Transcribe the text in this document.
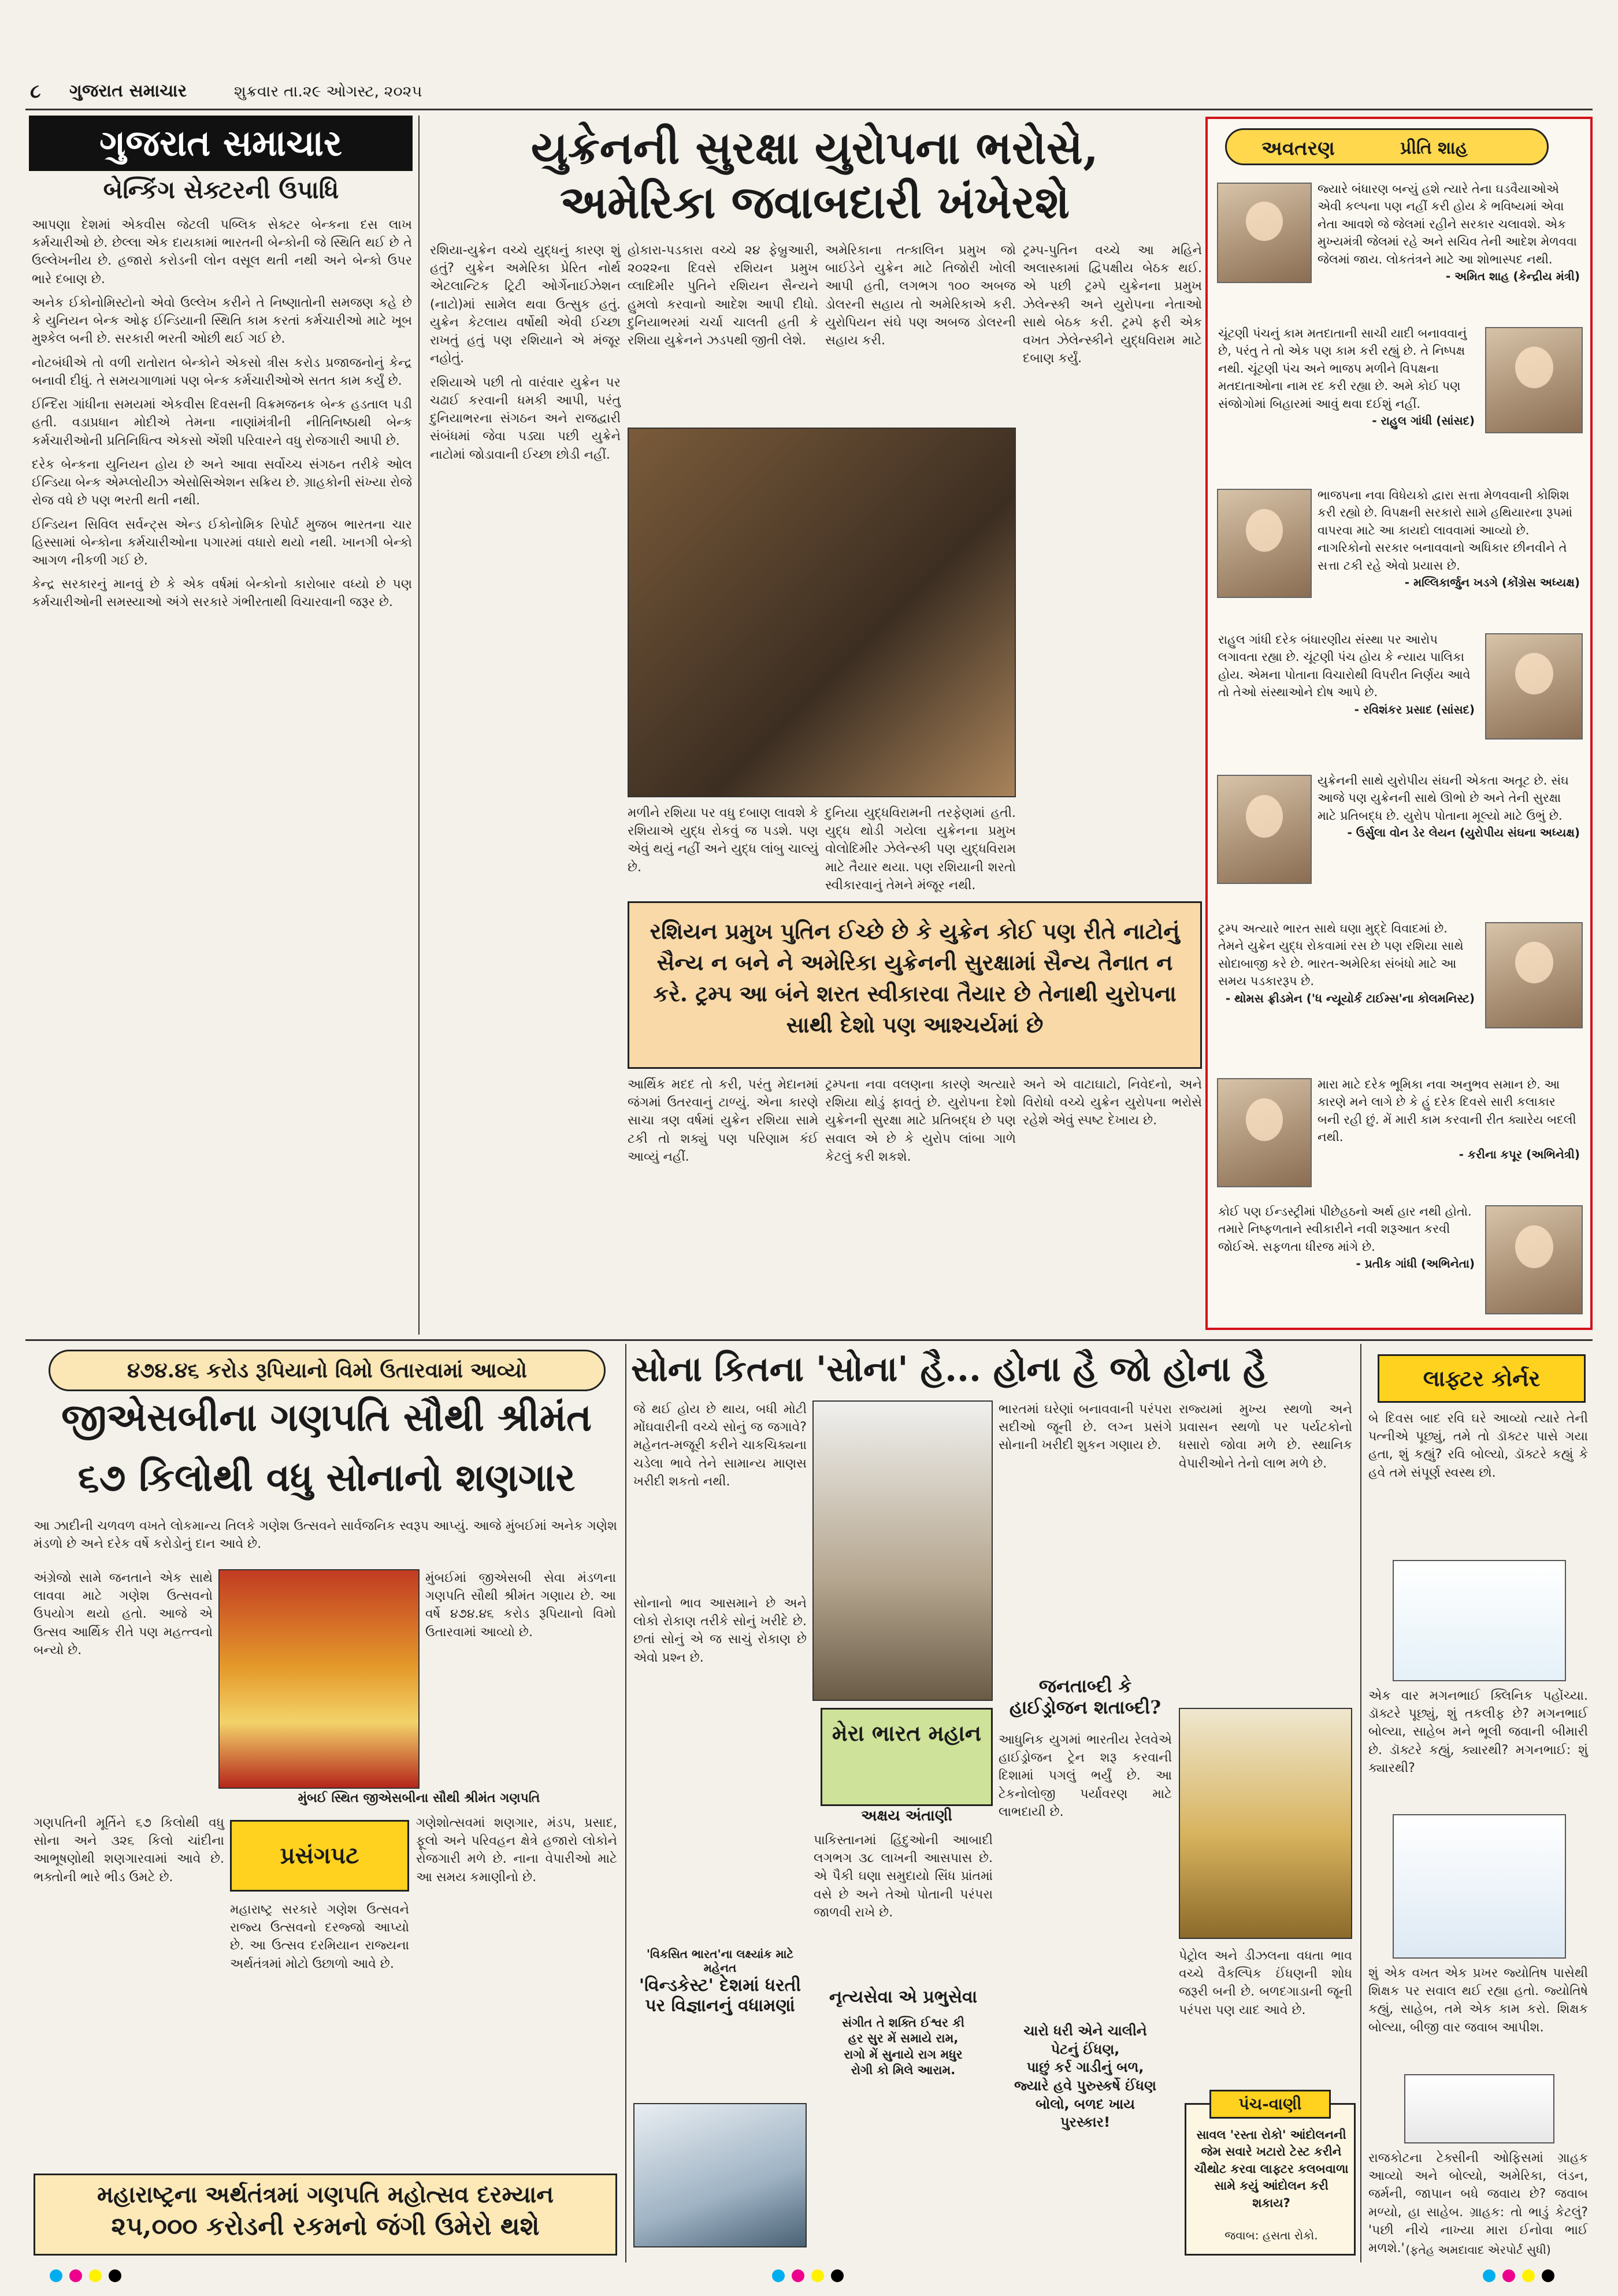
૮ ગુજરાત સમાચાર	શુક્રવાર તા.૨૯ ઓગસ્ટ, ૨૦૨૫
ગુજરાત સમાચાર
બેન્કિંગ સેક્ટરની ઉપાધિ

આપણા દેશમાં એકવીસ જેટલી પબ્લિક સેક્ટર બેન્કના દસ લાખ કર્મચારીઓ છે. છેલ્લા એક દાયકામાં ભારતની બેન્કોની જે સ્થિતિ થઈ છે તે ઉલ્લેખનીય છે. હજારો કરોડની લોન વસૂલ થતી નથી અને બેન્કો ઉપર ભારે દબાણ છે.

અનેક ઈકોનોમિસ્ટોનો એવો ઉલ્લેખ કરીને તે નિષ્ણાતોની સમજણ કહે છે કે યુનિયન બેન્ક ઓફ ઈન્ડિયાની સ્થિતિ કામ કરતાં કર્મચારીઓ માટે ખૂબ મુશ્કેલ બની છે. સરકારી ભરતી ઓછી થઈ ગઈ છે.

નોટબંધીએ તો વળી રાતોરાત બેન્કોને એકસો ત્રીસ કરોડ પ્રજાજનોનું કેન્દ્ર બનાવી દીધું. તે સમયગાળામાં પણ બેન્ક કર્મચારીઓએ સતત કામ કર્યું છે.

ઈન્દિરા ગાંધીના સમયમાં એકવીસ દિવસની વિક્રમજનક બેન્ક હડતાલ પડી હતી. વડાપ્રધાન મોદીએ તેમના નાણાંમંત્રીની નીતિનિષ્ઠાથી બેન્ક કર્મચારીઓની પ્રતિનિધિત્વ એકસો એંશી પરિવારને વધુ રોજગારી આપી છે.

દરેક બેન્કના યુનિયન હોય છે અને આવા સર્વોચ્ચ સંગઠન તરીકે ઓલ ઈન્ડિયા બેન્ક એમ્પ્લોયીઝ એસોસિએશન સક્રિય છે. ગ્રાહકોની સંખ્યા રોજે રોજ વધે છે પણ ભરતી થતી નથી.

ઈન્ડિયન સિવિલ સર્વન્ટ્સ એન્ડ ઈકોનોમિક રિપોર્ટ મુજબ ભારતના ચાર હિસ્સામાં બેન્કોના કર્મચારીઓના પગારમાં વધારો થયો નથી. ખાનગી બેન્કો આગળ નીકળી ગઈ છે.

કેન્દ્ર સરકારનું માનવું છે કે એક વર્ષમાં બેન્કોનો કારોબાર વધ્યો છે પણ કર્મચારીઓની સમસ્યાઓ અંગે સરકારે ગંભીરતાથી વિચારવાની જરૂર છે.

યુક્રેનની સુરક્ષા યુરોપના ભરોસે,
અમેરિકા જવાબદારી ખંખેરશે

રશિયા-યુક્રેન વચ્ચે યુદ્ધનું કારણ શું હતું? યુક્રેન અમેરિકા પ્રેરિત નોર્થ એટલાન્ટિક ટ્રિટી ઓર્ગેનાઈઝેશન (નાટો)માં સામેલ થવા ઉત્સુક હતું. યુક્રેન કેટલાય વર્ષોથી એવી ઈચ્છા રાખતું હતું પણ રશિયાને એ મંજૂર નહોતું.

રશિયાએ પછી તો વારંવાર યુક્રેન પર ચઢાઈ કરવાની ધમકી આપી, પરંતુ દુનિયાભરના સંગઠન અને રાજદ્વારી સંબંધમાં જેવા પડ્યા પછી યુક્રેને નાટોમાં જોડાવાની ઈચ્છા છોડી નહીં.

હોકારા-પડકારા વચ્ચે ૨૪ ફેબ્રુઆરી, ૨૦૨૨ના દિવસે રશિયન પ્રમુખ વ્લાદિમીર પુતિને રશિયન સૈન્યને હુમલો કરવાનો આદેશ આપી દીધો. દુનિયાભરમાં ચર્ચા ચાલતી હતી કે રશિયા યુક્રેનને ઝડપથી જીતી લેશે.

અમેરિકાના તત્કાલિન પ્રમુખ જો બાઈડેને યુક્રેન માટે તિજોરી ખોલી આપી હતી, લગભગ ૧૦૦ અબજ ડોલરની સહાય તો અમેરિકાએ કરી. યુરોપિયન સંઘે પણ અબજ ડોલરની સહાય કરી.

ટ્રમ્પ-પુતિન વચ્ચે આ મહિને અલાસ્કામાં દ્વિપક્ષીય બેઠક થઈ. એ પછી ટ્રમ્પે યુક્રેનના પ્રમુખ ઝેલેન્સ્કી અને યુરોપના નેતાઓ સાથે બેઠક કરી. ટ્રમ્પે ફરી એક વખત ઝેલેન્સ્કીને યુદ્ધવિરામ માટે દબાણ કર્યું.

મળીને રશિયા પર વધુ દબાણ લાવશે કે રશિયાએ યુદ્ધ રોકવું જ પડશે. પણ એવું થયું નહીં અને યુદ્ધ લાંબુ ચાલ્યું છે.

દુનિયા યુદ્ધવિરામની તરફેણમાં હતી. યુદ્ધ થોડી ગયેલા યુક્રેનના પ્રમુખ વોલોદિમીર ઝેલેન્સ્કી પણ યુદ્ધવિરામ માટે તૈયાર થયા. પણ રશિયાની શરતો સ્વીકારવાનું તેમને મંજૂર નથી.

રશિયન પ્રમુખ પુતિન ઈચ્છે છે કે યુક્રેન કોઈ પણ રીતે નાટોનું સૈન્ય ન બને ને અમેરિકા યુક્રેનની સુરક્ષામાં સૈન્ય તૈનાત ન કરે. ટ્રમ્પ આ બંને શરત સ્વીકારવા તૈયાર છે તેનાથી યુરોપના સાથી દેશો પણ આશ્ચર્યમાં છે

આર્થિક મદદ તો કરી, પરંતુ મેદાનમાં જંગમાં ઉતરવાનું ટાળ્યું. એના કારણે સાચા ત્રણ વર્ષમાં યુક્રેન રશિયા સામે ટકી તો શક્યું પણ પરિણામ કંઈ આવ્યું નહીં.

ટ્રમ્પના નવા વલણના કારણે અત્યારે રશિયા થોડું ફાવતું છે. યુરોપના દેશો યુક્રેનની સુરક્ષા માટે પ્રતિબદ્ધ છે પણ સવાલ એ છે કે યુરોપ લાંબા ગાળે કેટલું કરી શકશે.

અને એ વાટાઘાટો, નિવેદનો, અને વિરોધો વચ્ચે યુક્રેન યુરોપના ભરોસે રહેશે એવું સ્પષ્ટ દેખાય છે.

અવતરણ	પ્રીતિ શાહ
જ્યારે બંધારણ બન્યું હશે ત્યારે તેના ઘડવૈયાઓએ એવી કલ્પના પણ નહીં કરી હોય કે ભવિષ્યમાં એવા નેતા આવશે જે જેલમાં રહીને સરકાર ચલાવશે. એક મુખ્યમંત્રી જેલમાં રહે અને સચિવ તેની આદેશ મેળવવા જેલમાં જાય. લોકતંત્રને માટે આ શોભાસ્પદ નથી.
- અમિત શાહ (કેન્દ્રીય મંત્રી)
ચૂંટણી પંચનું કામ મતદાતાની સાચી યાદી બનાવવાનું છે, પરંતુ તે તો એક પણ કામ કરી રહ્યું છે. તે નિષ્પક્ષ નથી. ચૂંટણી પંચ અને ભાજપ મળીને વિપક્ષના મતદાતાઓના નામ રદ કરી રહ્યા છે. અમે કોઈ પણ સંજોગોમાં બિહારમાં આવું થવા દઈશું નહીં.
- રાહુલ ગાંધી (સાંસદ)
ભાજપના નવા વિધેયકો દ્વારા સત્તા મેળવવાની કોશિશ કરી રહ્યો છે. વિપક્ષની સરકારો સામે હથિયારના રૂપમાં વાપરવા માટે આ કાયદો લાવવામાં આવ્યો છે. નાગરિકોનો સરકાર બનાવવાનો અધિકાર છીનવીને તે સત્તા ટકી રહે એવો પ્રયાસ છે.
- મલ્લિકાર્જુન ખડગે (કોંગ્રેસ અધ્યક્ષ)
રાહુલ ગાંધી દરેક બંધારણીય સંસ્થા પર આરોપ લગાવતા રહ્યા છે. ચૂંટણી પંચ હોય કે ન્યાય પાલિકા હોય. એમના પોતાના વિચારોથી વિપરીત નિર્ણય આવે તો તેઓ સંસ્થાઓને દોષ આપે છે.
- રવિશંકર પ્રસાદ (સાંસદ)
યુક્રેનની સાથે યુરોપીય સંઘની એકતા અતૂટ છે. સંઘ આજે પણ યુક્રેનની સાથે ઊભો છે અને તેની સુરક્ષા માટે પ્રતિબદ્ધ છે. યુરોપ પોતાના મૂલ્યો માટે ઉભું છે.
- ઉર્સુલા વોન ડેર લેયન (યુરોપીય સંઘના અધ્યક્ષ)
ટ્રમ્પ અત્યારે ભારત સાથે ઘણા મુદ્દે વિવાદમાં છે. તેમને યુક્રેન યુદ્ધ રોકવામાં રસ છે પણ રશિયા સાથે સોદાબાજી કરે છે. ભારત-અમેરિકા સંબંધો માટે આ સમય પડકારરૂપ છે.
- થોમસ ફ્રીડમેન ('ધ ન્યૂયોર્ક ટાઈમ્સ'ના કોલમનિસ્ટ)
મારા માટે દરેક ભૂમિકા નવા અનુભવ સમાન છે. આ કારણે મને લાગે છે કે હું દરેક દિવસે સારી કલાકાર બની રહી છું. મેં મારી કામ કરવાની રીત ક્યારેય બદલી નથી.
- કરીના કપૂર (અભિનેત્રી)
કોઈ પણ ઈન્ડસ્ટ્રીમાં પીછેહઠનો અર્થ હાર નથી હોતો. તમારે નિષ્ફળતાને સ્વીકારીને નવી શરૂઆત કરવી જોઈએ. સફળતા ધીરજ માંગે છે.
- પ્રતીક ગાંધી (અભિનેતા)
૪૭૪.૪૬ કરોડ રૂપિયાનો વિમો ઉતારવામાં આવ્યો
જીએસબીના ગણપતિ સૌથી શ્રીમંત
૬૭ કિલોથી વધુ સોનાનો શણગાર

આ ઝાદીની ચળવળ વખતે લોકમાન્ય તિલકે ગણેશ ઉત્સવને સાર્વજનિક સ્વરૂપ આપ્યું. આજે મુંબઈમાં અનેક ગણેશ મંડળો છે અને દરેક વર્ષે કરોડોનું દાન આવે છે.

અંગ્રેજો સામે જનતાને એક સાથે લાવવા માટે ગણેશ ઉત્સવનો ઉપયોગ થયો હતો. આજે એ ઉત્સવ આર્થિક રીતે પણ મહત્ત્વનો બન્યો છે.

મુંબઈમાં જીએસબી સેવા મંડળના ગણપતિ સૌથી શ્રીમંત ગણાય છે. આ વર્ષે ૪૭૪.૪૬ કરોડ રૂપિયાનો વિમો ઉતારવામાં આવ્યો છે.

મુંબઈ સ્થિત જીએસબીના સૌથી શ્રીમંત ગણપતિ

ગણપતિની મૂર્તિને ૬૭ કિલોથી વધુ સોના અને ૩૨૬ કિલો ચાંદીના આભૂષણોથી શણગારવામાં આવે છે. ભક્તોની ભારે ભીડ ઉમટે છે.

પ્રસંગપટ

મહારાષ્ટ્ર સરકારે ગણેશ ઉત્સવને રાજ્ય ઉત્સવનો દરજ્જો આપ્યો છે. આ ઉત્સવ દરમિયાન રાજ્યના અર્થતંત્રમાં મોટો ઉછાળો આવે છે.

ગણેશોત્સવમાં શણગાર, મંડપ, પ્રસાદ, ફૂલો અને પરિવહન ક્ષેત્રે હજારો લોકોને રોજગારી મળે છે. નાના વેપારીઓ માટે આ સમય કમાણીનો છે.

મહારાષ્ટ્રના અર્થતંત્રમાં ગણપતિ મહોત્સવ દરમ્યાન
૨૫,૦૦૦ કરોડની રકમનો જંગી ઉમેરો થશે
સોના કિતના 'સોના' હૈ... હોના હૈ જો હોના હૈ

જે થઈ હોય છે થાય, બધી મોટી મોંઘવારીની વચ્ચે સોનું જ જગાવે? મહેનત-મજૂરી કરીને ચાકચિક્યના ચડેલા ભાવે તેને સામાન્ય માણસ ખરીદી શકતો નથી.

સોનાનો ભાવ આસમાને છે અને લોકો રોકાણ તરીકે સોનું ખરીદે છે. છતાં સોનું એ જ સાચું રોકાણ છે એવો પ્રશ્ન છે.

ભારતમાં ઘરેણાં બનાવવાની પરંપરા સદીઓ જૂની છે. લગ્ન પ્રસંગે સોનાની ખરીદી શુકન ગણાય છે.

રાજ્યમાં મુખ્ય સ્થળો અને પ્રવાસન સ્થળો પર પર્યટકોનો ધસારો જોવા મળે છે. સ્થાનિક વેપારીઓને તેનો લાભ મળે છે.

મેરા ભારત મહાન
અક્ષય અંતાણી
'વિકસિત ભારત'ના લક્ષ્યાંક માટે મહેનત
'વિન્ડકેસ્ટ' દેશમાં ધરતી પર વિજ્ઞાનનું વધામણાં

પાકિસ્તાનમાં હિંદુઓની આબાદી લગભગ ૩૮ લાખની આસપાસ છે. એ પૈકી ઘણા સમુદાયો સિંધ પ્રાંતમાં વસે છે અને તેઓ પોતાની પરંપરા જાળવી રાખે છે.

નૃત્યસેવા એ પ્રભુસેવા
સંગીત તે શક્તિ ઈશ્વર કી
હર સુર મેં સમાયે રામ,
રાગો મેં સુનાયે રાગ મધુર
રોગી કો મિલે આરામ.
જનતાબ્દી કે હાઈડ્રોજન શતાબ્દી?

આધુનિક યુગમાં ભારતીય રેલવેએ હાઈડ્રોજન ટ્રેન શરૂ કરવાની દિશામાં પગલું ભર્યું છે. આ ટેકનોલોજી પર્યાવરણ માટે લાભદાયી છે.

ચારો ધરી એને ચાલીને
પેટનું ઈંધણ,
પાછું કર્ર ગાડીનું બળ,
જ્યારે હવે પુરુસ્કર્ષે ઈંધણ
બોલો, બળદ ખાય
પુરસ્કાર!

પેટ્રોલ અને ડીઝલના વધતા ભાવ વચ્ચે વૈકલ્પિક ઈંધણની શોધ જરૂરી બની છે. બળદગાડાની જૂની પરંપરા પણ યાદ આવે છે.

લાફ્ટર કોર્નર

બે દિવસ બાદ રવિ ઘરે આવ્યો ત્યારે તેની પત્નીએ પૂછ્યું, તમે તો ડૉક્ટર પાસે ગયા હતા, શું કહ્યું? રવિ બોલ્યો, ડૉક્ટરે કહ્યું કે હવે તમે સંપૂર્ણ સ્વસ્થ છો.

એક વાર મગનભાઈ ક્લિનિક પહોંચ્યા. ડૉક્ટરે પૂછ્યું, શું તકલીફ છે? મગનભાઈ બોલ્યા, સાહેબ મને ભૂલી જવાની બીમારી છે. ડૉક્ટરે કહ્યું, ક્યારથી? મગનભાઈ: શું ક્યારથી?

શું એક વખત એક પ્રખર જ્યોતિષ પાસેથી શિક્ષક પર સવાલ થઈ રહ્યા હતો. જ્યોતિષે કહ્યું, સાહેબ, તમે એક કામ કરો. શિક્ષક બોલ્યા, બીજી વાર જવાબ આપીશ.

રાજકોટના ટેક્સીની ઓફિસમાં ગ્રાહક આવ્યો અને બોલ્યો, અમેરિકા, લંડન, જર્મની, જાપાન બધે જવાય છે? જવાબ મળ્યો, હા સાહેબ. ગ્રાહક: તો ભાડું કેટલું? 'પછી નીચે નાખ્યા મારા ઈનોવા ભાઈ મળશે.' (ફતેહ અમદાવાદ એરપોર્ટ સુધી)
પંચ-વાણી
સાવલ 'રસ્તા રોકો' આંદોલનની જેમ સવારે ખટારો ટેસ્ટ કરીને ચૌથોટ કરવા લાફ્ટર કલબવાળા સામે કયું આંદોલન કરી શકાય?
જવાબ: હસતા રોકો.
